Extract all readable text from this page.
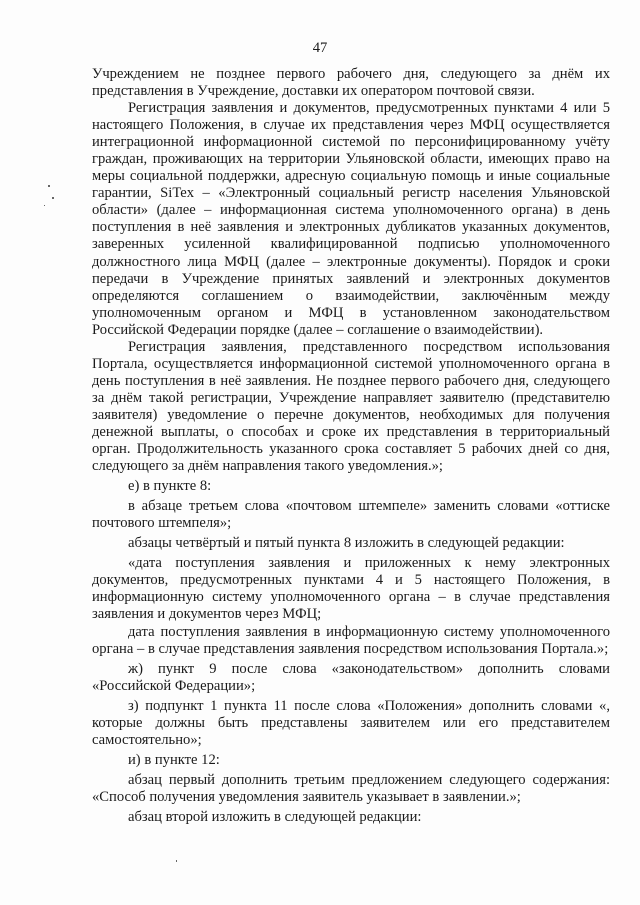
47

Учреждением не позднее первого рабочего дня, следующего за днём их представления в Учреждение, доставки их оператором почтовой связи.

Регистрация заявления и документов, предусмотренных пунктами 4 или 5 настоящего Положения, в случае их представления через МФЦ осуществляется интеграционной информационной системой по персонифицированному учёту граждан, проживающих на территории Ульяновской области, имеющих право на меры социальной поддержки, адресную социальную помощь и иные социальные гарантии, SiTex – «Электронный социальный регистр населения Ульяновской области» (далее – информационная система уполномоченного органа) в день поступления в неё заявления и электронных дубликатов указанных документов, заверенных усиленной квалифицированной подписью уполномоченного должностного лица МФЦ (далее – электронные документы). Порядок и сроки передачи в Учреждение принятых заявлений и электронных документов определяются соглашением о взаимодействии, заключённым между уполномоченным органом и МФЦ в установленном законодательством Российской Федерации порядке (далее – соглашение о взаимодействии).

Регистрация заявления, представленного посредством использования Портала, осуществляется информационной системой уполномоченного органа в день поступления в неё заявления. Не позднее первого рабочего дня, следующего за днём такой регистрации, Учреждение направляет заявителю (представителю заявителя) уведомление о перечне документов, необходимых для получения денежной выплаты, о способах и сроке их представления в территориальный орган. Продолжительность указанного срока составляет 5 рабочих дней со дня, следующего за днём направления такого уведомления.»;

е) в пункте 8:

в абзаце третьем слова «почтовом штемпеле» заменить словами «оттиске почтового штемпеля»;

абзацы четвёртый и пятый пункта 8 изложить в следующей редакции:

«дата поступления заявления и приложенных к нему электронных документов, предусмотренных пунктами 4 и 5 настоящего Положения, в информационную систему уполномоченного органа – в случае представления заявления и документов через МФЦ;

дата поступления заявления в информационную систему уполномоченного органа – в случае представления заявления посредством использования Портала.»;

ж) пункт 9 после слова «законодательством» дополнить словами «Российской Федерации»;

з) подпункт 1 пункта 11 после слова «Положения» дополнить словами «, которые должны быть представлены заявителем или его представителем самостоятельно»;

и) в пункте 12:

абзац первый дополнить третьим предложением следующего содержания: «Способ получения уведомления заявитель указывает в заявлении.»;

абзац второй изложить в следующей редакции:
